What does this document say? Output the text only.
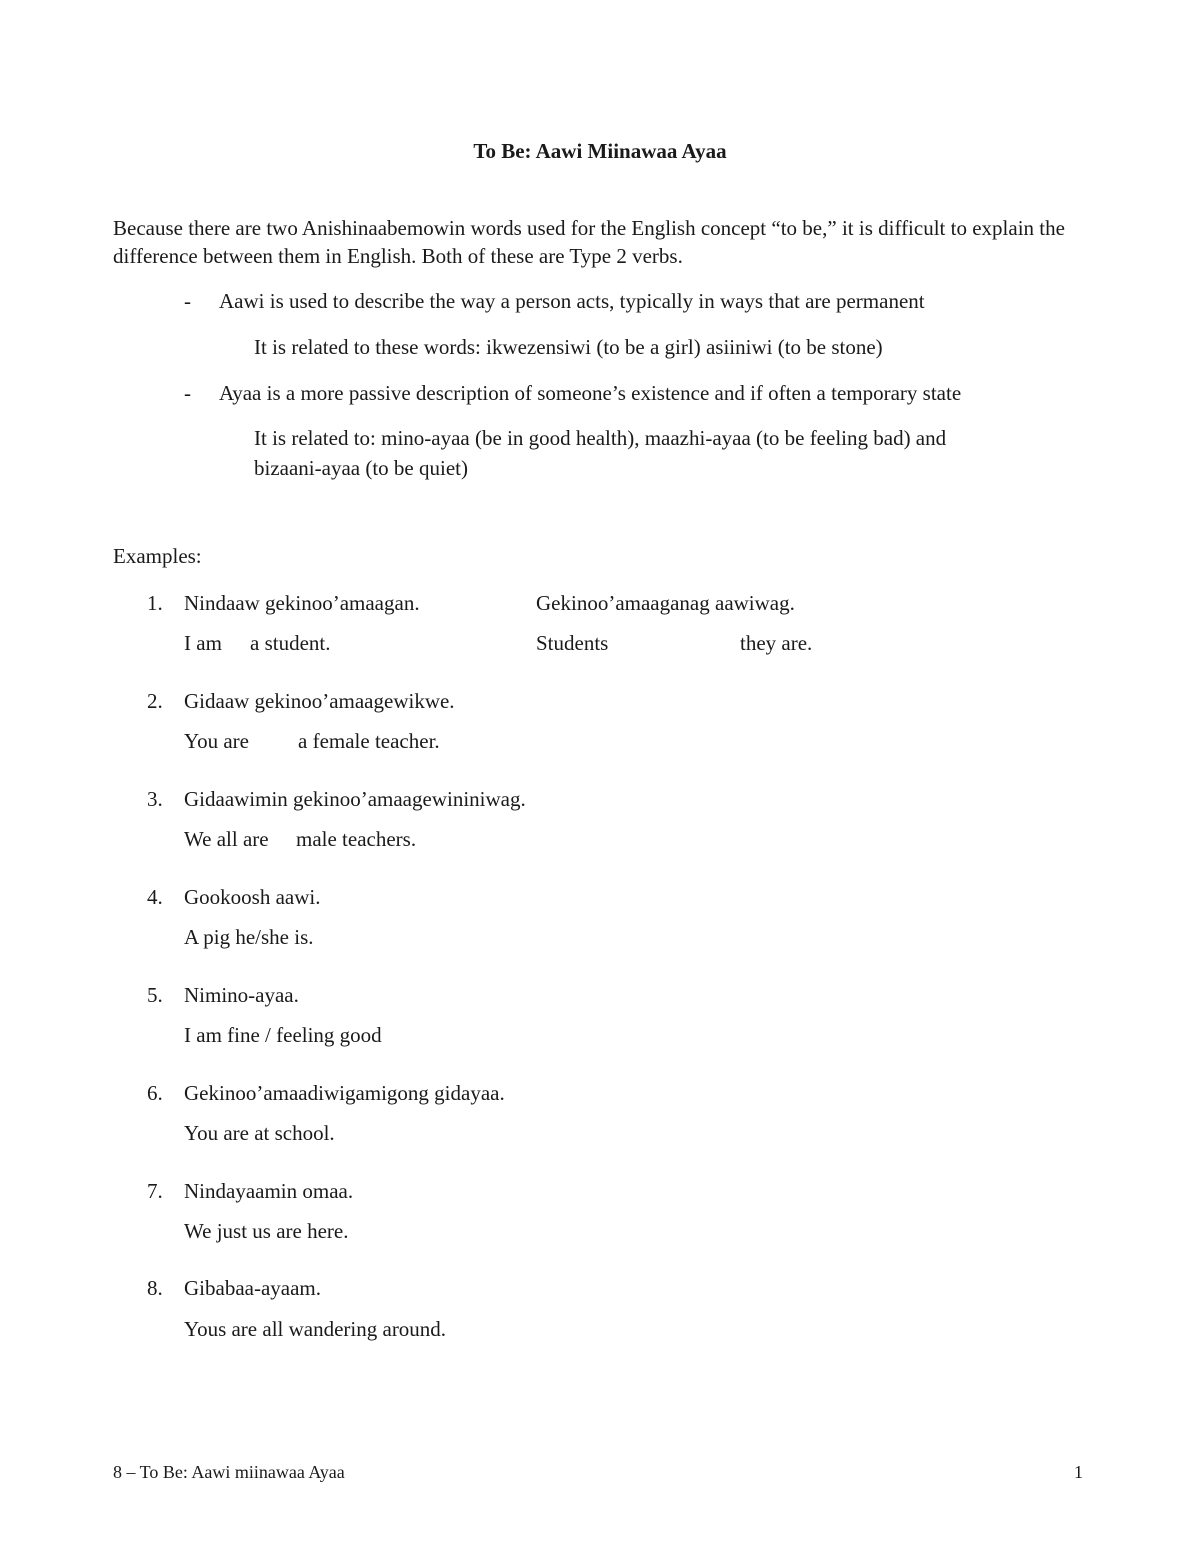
To Be: Aawi Miinawaa Ayaa
Because there are two Anishinaabemowin words used for the English concept “to be,” it is difficult to explain the difference between them in English. Both of these are Type 2 verbs.
- Aawi is used to describe the way a person acts, typically in ways that are permanent
It is related to these words: ikwezensiwi (to be a girl) asiiniwi (to be stone)
- Ayaa is a more passive description of someone’s existence and if often a temporary state
It is related to: mino-ayaa (be in good health), maazhi-ayaa (to be feeling bad) and
bizaani-ayaa (to be quiet)
Examples:
1. Nindaaw gekinoo’amaagan.	Gekinoo’amaaganag aawiwag.
I am a student.	Students	they are.
2. Gidaaw gekinoo’amaagewikwe.
You are a female teacher.
3. Gidaawimin gekinoo’amaagewininiwag.
We all are male teachers.
4. Gookoosh aawi.
A pig he/she is.
5. Nimino-ayaa.
I am fine / feeling good
6. Gekinoo’amaadiwigamigong gidayaa.
You are at school.
7. Nindayaamin omaa.
We just us are here.
8. Gibabaa-ayaam.
Yous are all wandering around.
8 – To Be: Aawi miinawaa Ayaa	1
